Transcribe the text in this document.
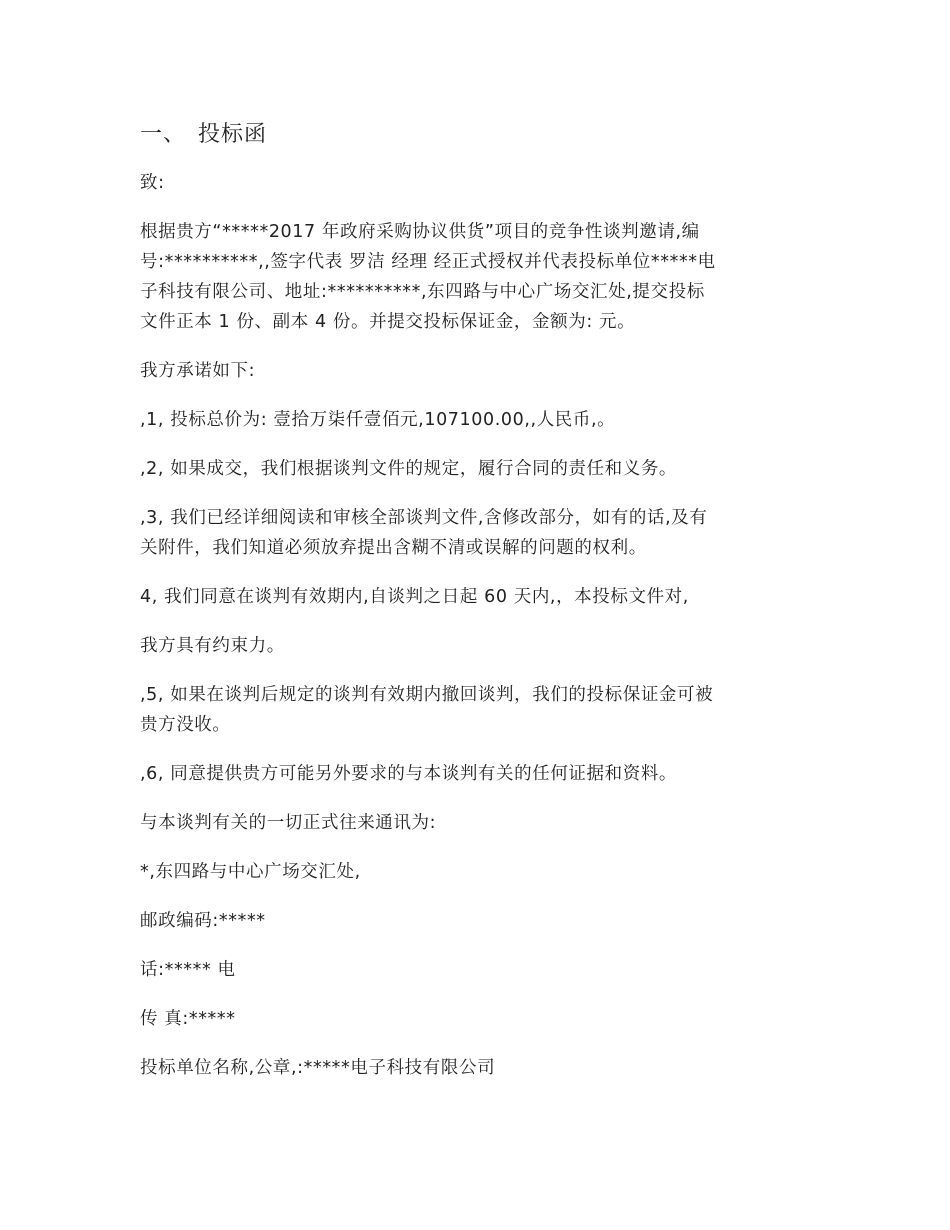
一、 投标函
致:
根据贵方“*****2017 年政府采购协议供货”项目的竞争性谈判邀请,编
号:**********,,签字代表 罗洁 经理 经正式授权并代表投标单位*****电
子科技有限公司、地址:**********,东四路与中心广场交汇处,提交投标
文件正本 1 份、副本 4 份。并提交投标保证金，金额为: 元。
我方承诺如下:
,1, 投标总价为: 壹拾万柒仟壹佰元,107100.00,,人民币,。
,2, 如果成交，我们根据谈判文件的规定，履行合同的责任和义务。
,3, 我们已经详细阅读和审核全部谈判文件,含修改部分，如有的话,及有
关附件，我们知道必须放弃提出含糊不清或误解的问题的权利。
4, 我们同意在谈判有效期内,自谈判之日起 60 天内,，本投标文件对,
我方具有约束力。
,5, 如果在谈判后规定的谈判有效期内撤回谈判，我们的投标保证金可被
贵方没收。
,6, 同意提供贵方可能另外要求的与本谈判有关的任何证据和资料。
与本谈判有关的一切正式往来通讯为:
*,东四路与中心广场交汇处,
邮政编码:*****
话:***** 电
传 真:*****
投标单位名称,公章,:*****电子科技有限公司
